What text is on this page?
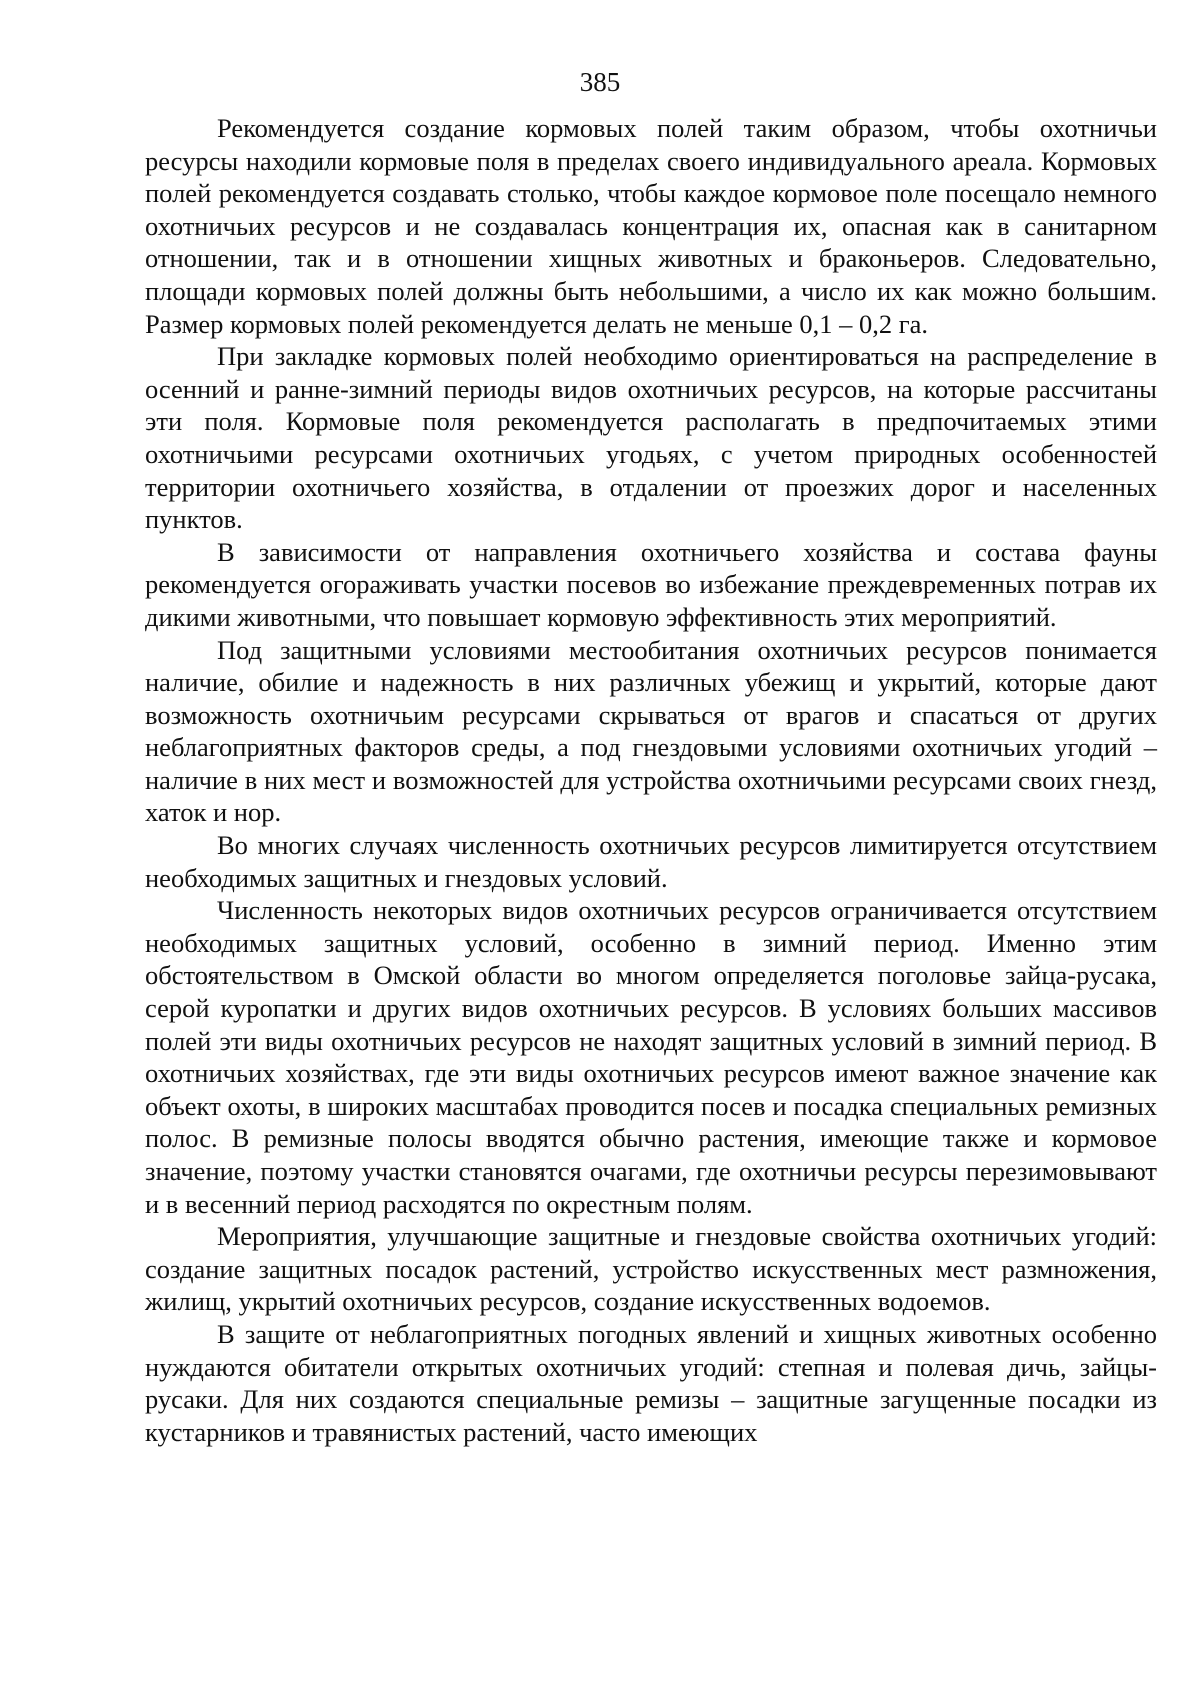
385

Рекомендуется создание кормовых полей таким образом, чтобы охотничьи ресурсы находили кормовые поля в пределах своего индивидуального ареала. Кормовых полей рекомендуется создавать столько, чтобы каждое кормовое поле посещало немного охотничьих ресурсов и не создавалась концентрация их, опасная как в санитарном отношении, так и в отношении хищных животных и браконьеров. Следовательно, площади кормовых полей должны быть небольшими, а число их как можно большим. Размер кормовых полей рекомендуется делать не меньше 0,1 – 0,2 га.

При закладке кормовых полей необходимо ориентироваться на распределение в осенний и ранне-зимний периоды видов охотничьих ресурсов, на которые рассчитаны эти поля. Кормовые поля рекомендуется располагать в предпочитаемых этими охотничьими ресурсами охотничьих угодьях, с учетом природных особенностей территории охотничьего хозяйства, в отдалении от проезжих дорог и населенных пунктов.

В зависимости от направления охотничьего хозяйства и состава фауны рекомендуется огораживать участки посевов во избежание преждевременных потрав их дикими животными, что повышает кормовую эффективность этих мероприятий.

Под защитными условиями местообитания охотничьих ресурсов понимается наличие, обилие и надежность в них различных убежищ и укрытий, которые дают возможность охотничьим ресурсами скрываться от врагов и спасаться от других неблагоприятных факторов среды, а под гнездовыми условиями охотничьих угодий – наличие в них мест и возможностей для устройства охотничьими ресурсами своих гнезд, хаток и нор.

Во многих случаях численность охотничьих ресурсов лимитируется отсутствием необходимых защитных и гнездовых условий.

Численность некоторых видов охотничьих ресурсов ограничивается отсутствием необходимых защитных условий, особенно в зимний период. Именно этим обстоятельством в Омской области во многом определяется поголовье зайца-русака, серой куропатки и других видов охотничьих ресурсов. В условиях больших массивов полей эти виды охотничьих ресурсов не находят защитных условий в зимний период. В охотничьих хозяйствах, где эти виды охотничьих ресурсов имеют важное значение как объект охоты, в широких масштабах проводится посев и посадка специальных ремизных полос. В ремизные полосы вводятся обычно растения, имеющие также и кормовое значение, поэтому участки становятся очагами, где охотничьи ресурсы перезимовывают и в весенний период расходятся по окрестным полям.

Мероприятия, улучшающие защитные и гнездовые свойства охотничьих угодий: создание защитных посадок растений, устройство искусственных мест размножения, жилищ, укрытий охотничьих ресурсов, создание искусственных водоемов.

В защите от неблагоприятных погодных явлений и хищных животных особенно нуждаются обитатели открытых охотничьих угодий: степная и полевая дичь, зайцы-русаки. Для них создаются специальные ремизы – защитные загущенные посадки из кустарников и травянистых растений, часто имеющих
